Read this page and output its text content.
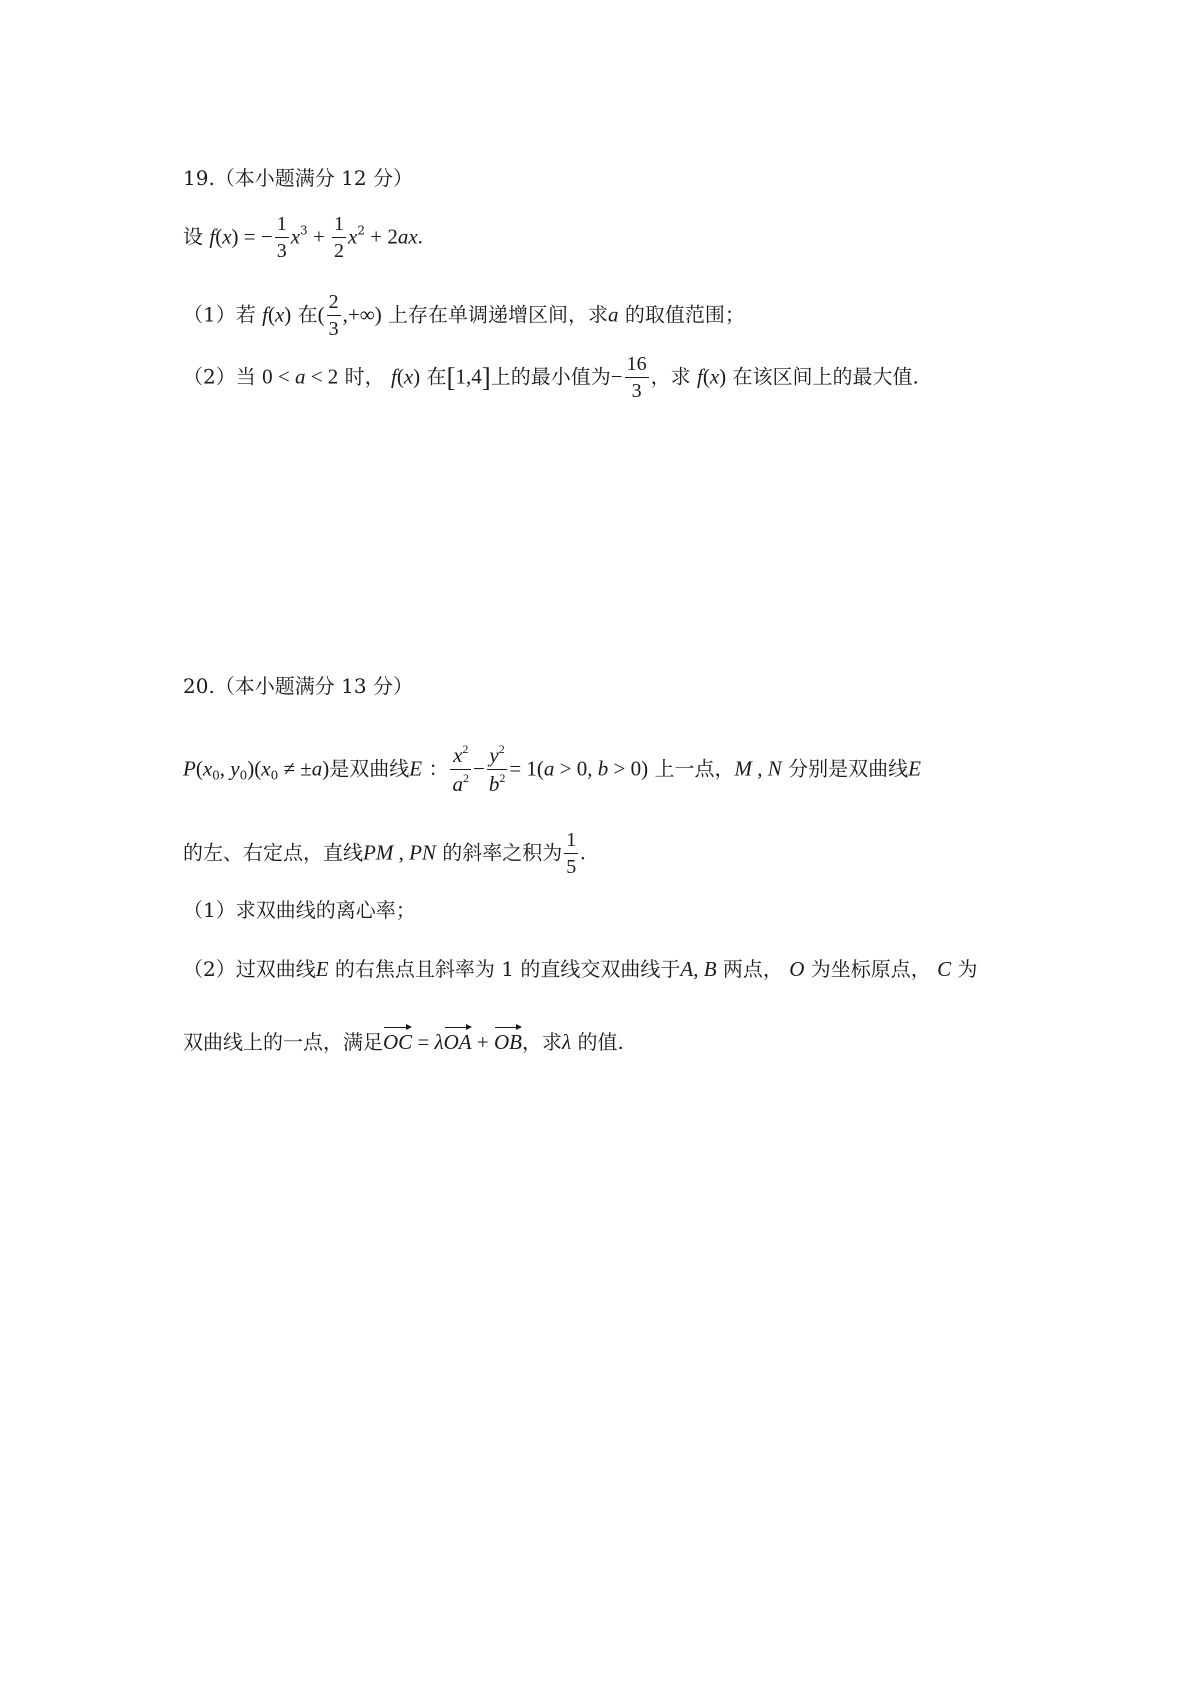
19.（本小题满分 12 分）
设 f(x) = − $\frac{1}{3} x^3 + \frac{1}{2} x^2 + 2ax$.
（1）若 f(x) 在( $\frac{2}{3}$ ,+∞) 上存在单调递增区间，求a 的取值范围；
（2）当 0 < a < 2 时， f(x) 在[1,4]上的最小值为− $\frac{16}{3}$ ，求 f(x) 在该区间上的最大值.
20.（本小题满分 13 分）
$P(x_0$, $y_0)(x_0 \ne \pm a)$是双曲线E ： $\frac{x^2}{a^2} - \frac{y^2}{b^2} = 1(a > 0$, b > 0) 上一点，M , N 分别是双曲线E
的左、右定点，直线PM , PN 的斜率之积为 $\frac{1}{5}$ .
（1）求双曲线的离心率；
（2）过双曲线E 的右焦点且斜率为 1 的直线交双曲线于A, B 两点， O 为坐标原点， C 为
双曲线上的一点，满足OC = λOA + OB，求λ 的值.
